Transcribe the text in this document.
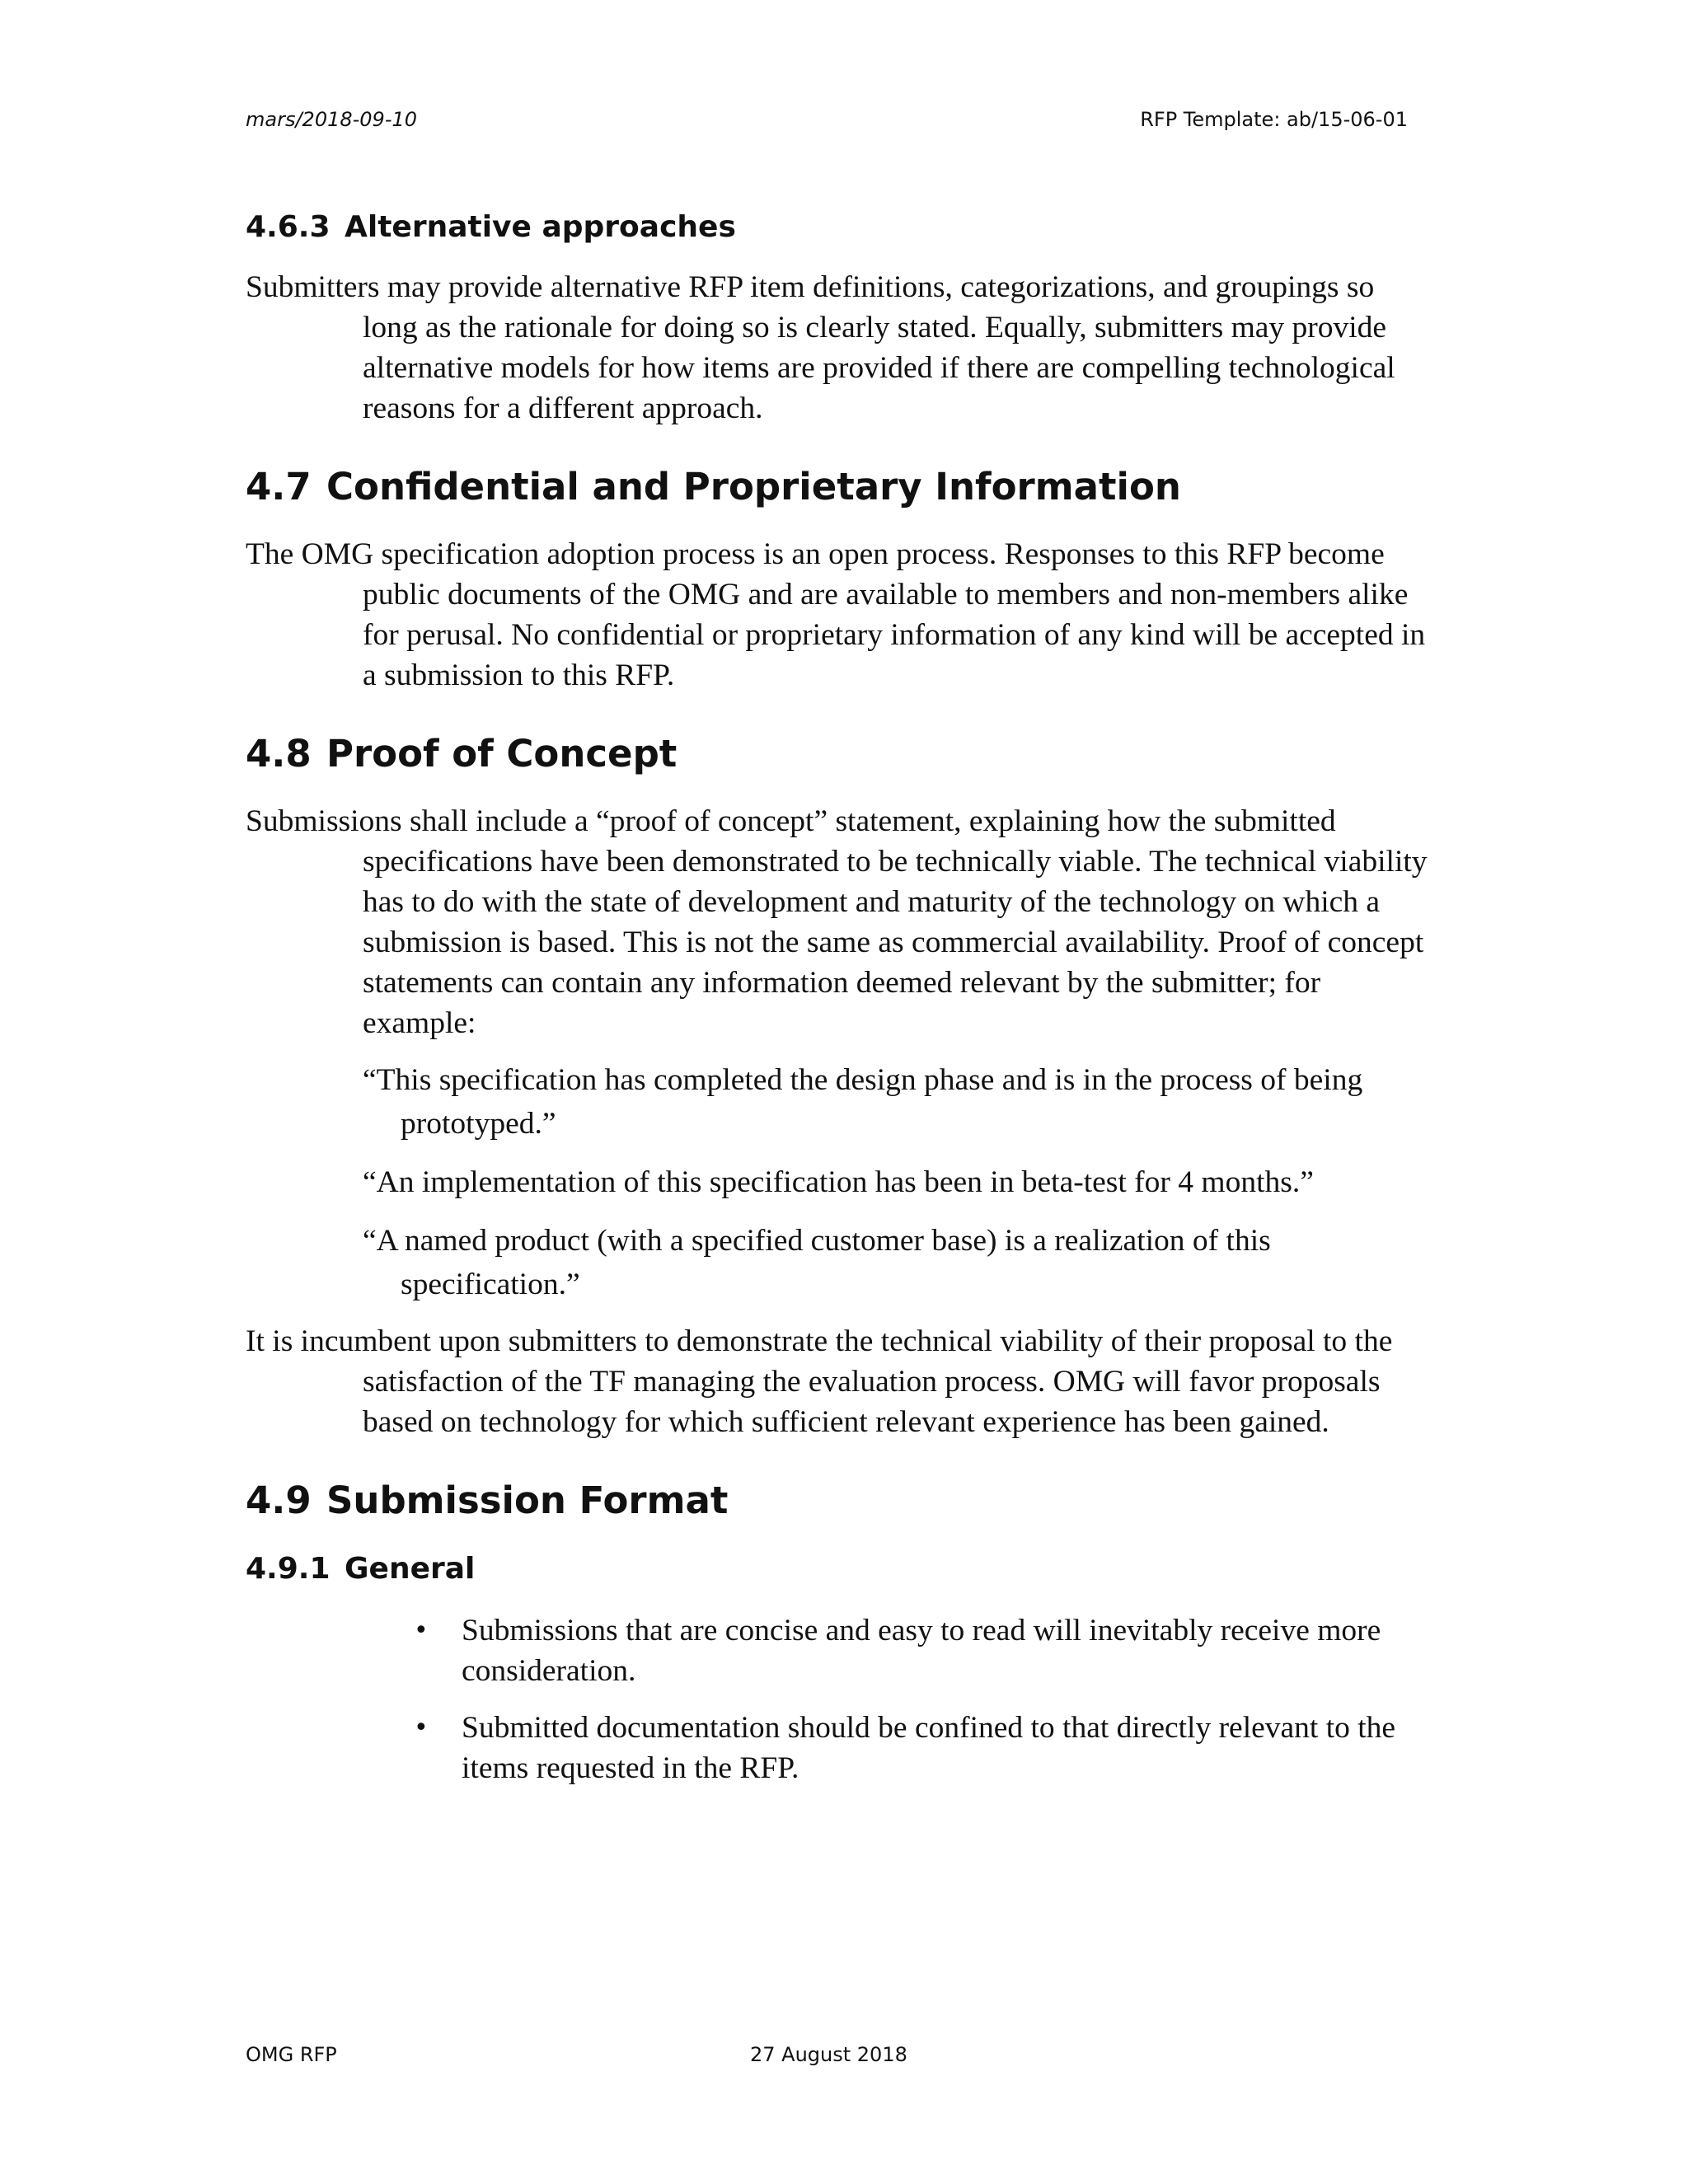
mars/2018-09-10	RFP Template: ab/15-06-01
4.6.3 Alternative approaches

Submitters may provide alternative RFP item definitions, categorizations, and groupings so long as the rationale for doing so is clearly stated. Equally, submitters may provide alternative models for how items are provided if there are compelling technological reasons for a different approach.

4.7 Confidential and Proprietary Information

The OMG specification adoption process is an open process. Responses to this RFP become public documents of the OMG and are available to members and non-members alike for perusal. No confidential or proprietary information of any kind will be accepted in a submission to this RFP.

4.8 Proof of Concept

Submissions shall include a “proof of concept” statement, explaining how the submitted specifications have been demonstrated to be technically viable. The technical viability has to do with the state of development and maturity of the technology on which a submission is based. This is not the same as commercial availability. Proof of concept statements can contain any information deemed relevant by the submitter; for example:

“This specification has completed the design phase and is in the process of being prototyped.”

“An implementation of this specification has been in beta-test for 4 months.”

“A named product (with a specified customer base) is a realization of this specification.”

It is incumbent upon submitters to demonstrate the technical viability of their proposal to the satisfaction of the TF managing the evaluation process. OMG will favor proposals based on technology for which sufficient relevant experience has been gained.

4.9 Submission Format
4.9.1 General
• Submissions that are concise and easy to read will inevitably receive more consideration.
• Submitted documentation should be confined to that directly relevant to the items requested in the RFP.
OMG RFP	27 August 2018
